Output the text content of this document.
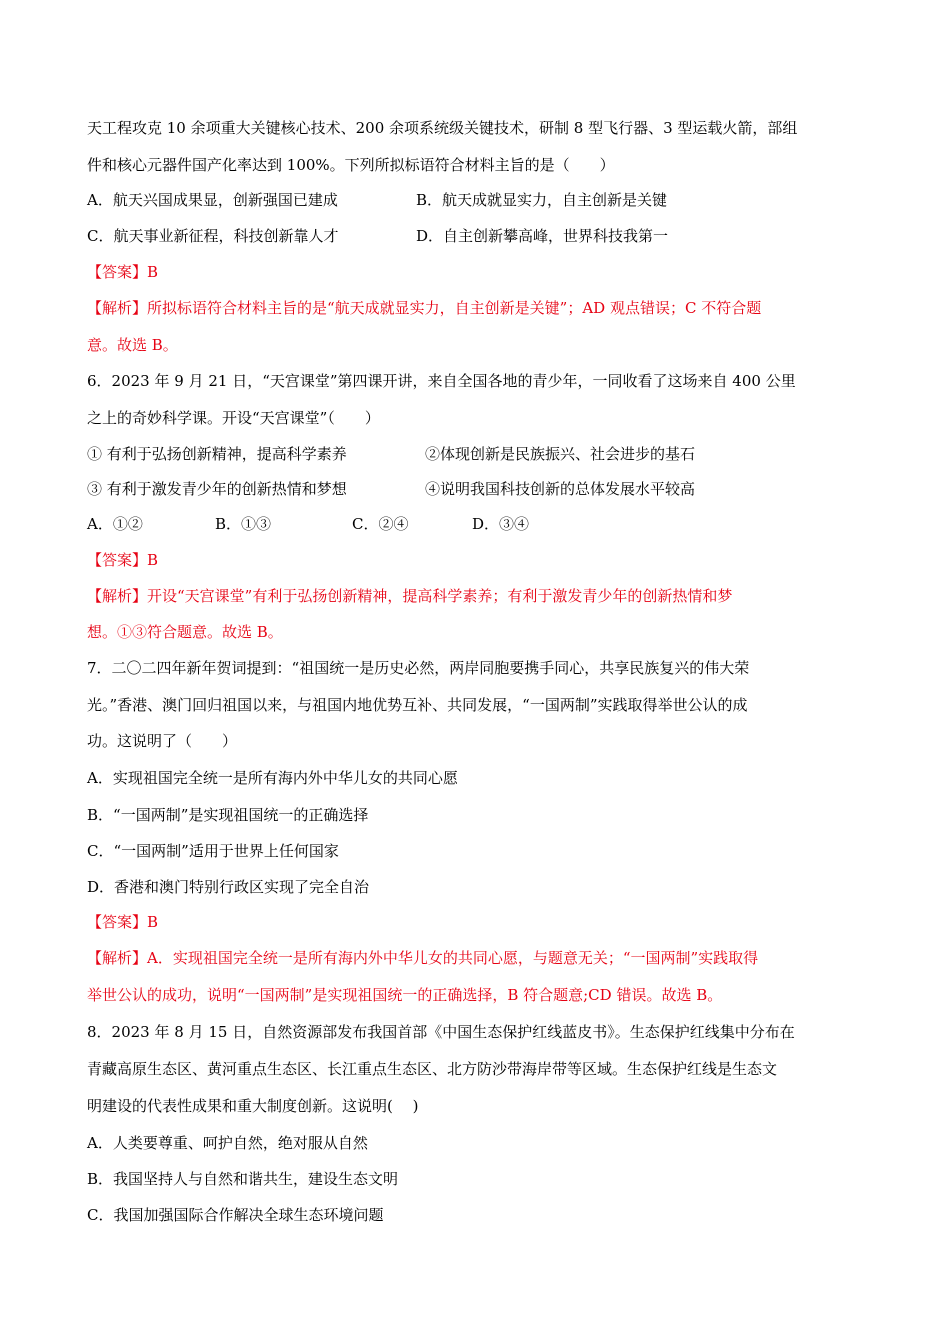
天工程攻克 10 余项重大关键核心技术、200 余项系统级关键技术，研制 8 型飞行器、3 型运载火箭，部组

件和核心元器件国产化率达到 100%。下列所拟标语符合材料主旨的是（　　）

A．航天兴国成果显，创新强国已建成	B．航天成就显实力，自主创新是关键
C．航天事业新征程，科技创新靠人才	D．自主创新攀高峰，世界科技我第一

【答案】B

【解析】所拟标语符合材料主旨的是“航天成就显实力，自主创新是关键”；AD 观点错误；C 不符合题

意。故选 B。

6．2023 年 9 月 21 日，“天宫课堂”第四课开讲，来自全国各地的青少年，一同收看了这场来自 400 公里

之上的奇妙科学课。开设“天宫课堂”（　　）

① 有利于弘扬创新精神，提高科学素养	②体现创新是民族振兴、社会进步的基石
③ 有利于激发青少年的创新热情和梦想	④说明我国科技创新的总体发展水平较高
A．①②	B．①③	C．②④	D．③④

【答案】B

【解析】开设“天宫课堂”有利于弘扬创新精神，提高科学素养；有利于激发青少年的创新热情和梦

想。①③符合题意。故选 B。

7．二〇二四年新年贺词提到：“祖国统一是历史必然，两岸同胞要携手同心，共享民族复兴的伟大荣

光。”香港、澳门回归祖国以来，与祖国内地优势互补、共同发展，“一国两制”实践取得举世公认的成

功。这说明了（　　）

A．实现祖国完全统一是所有海内外中华儿女的共同心愿

B．“一国两制”是实现祖国统一的正确选择

C．“一国两制”适用于世界上任何国家

D．香港和澳门特别行政区实现了完全自治

【答案】B

【解析】A．实现祖国完全统一是所有海内外中华儿女的共同心愿，与题意无关；“一国两制”实践取得

举世公认的成功，说明“一国两制”是实现祖国统一的正确选择，B 符合题意;CD 错误。故选 B。

8．2023 年 8 月 15 日，自然资源部发布我国首部《中国生态保护红线蓝皮书》。生态保护红线集中分布在

青藏高原生态区、黄河重点生态区、长江重点生态区、北方防沙带海岸带等区域。生态保护红线是生态文

明建设的代表性成果和重大制度创新。这说明(　 )

A．人类要尊重、呵护自然，绝对服从自然

B．我国坚持人与自然和谐共生，建设生态文明

C．我国加强国际合作解决全球生态环境问题
